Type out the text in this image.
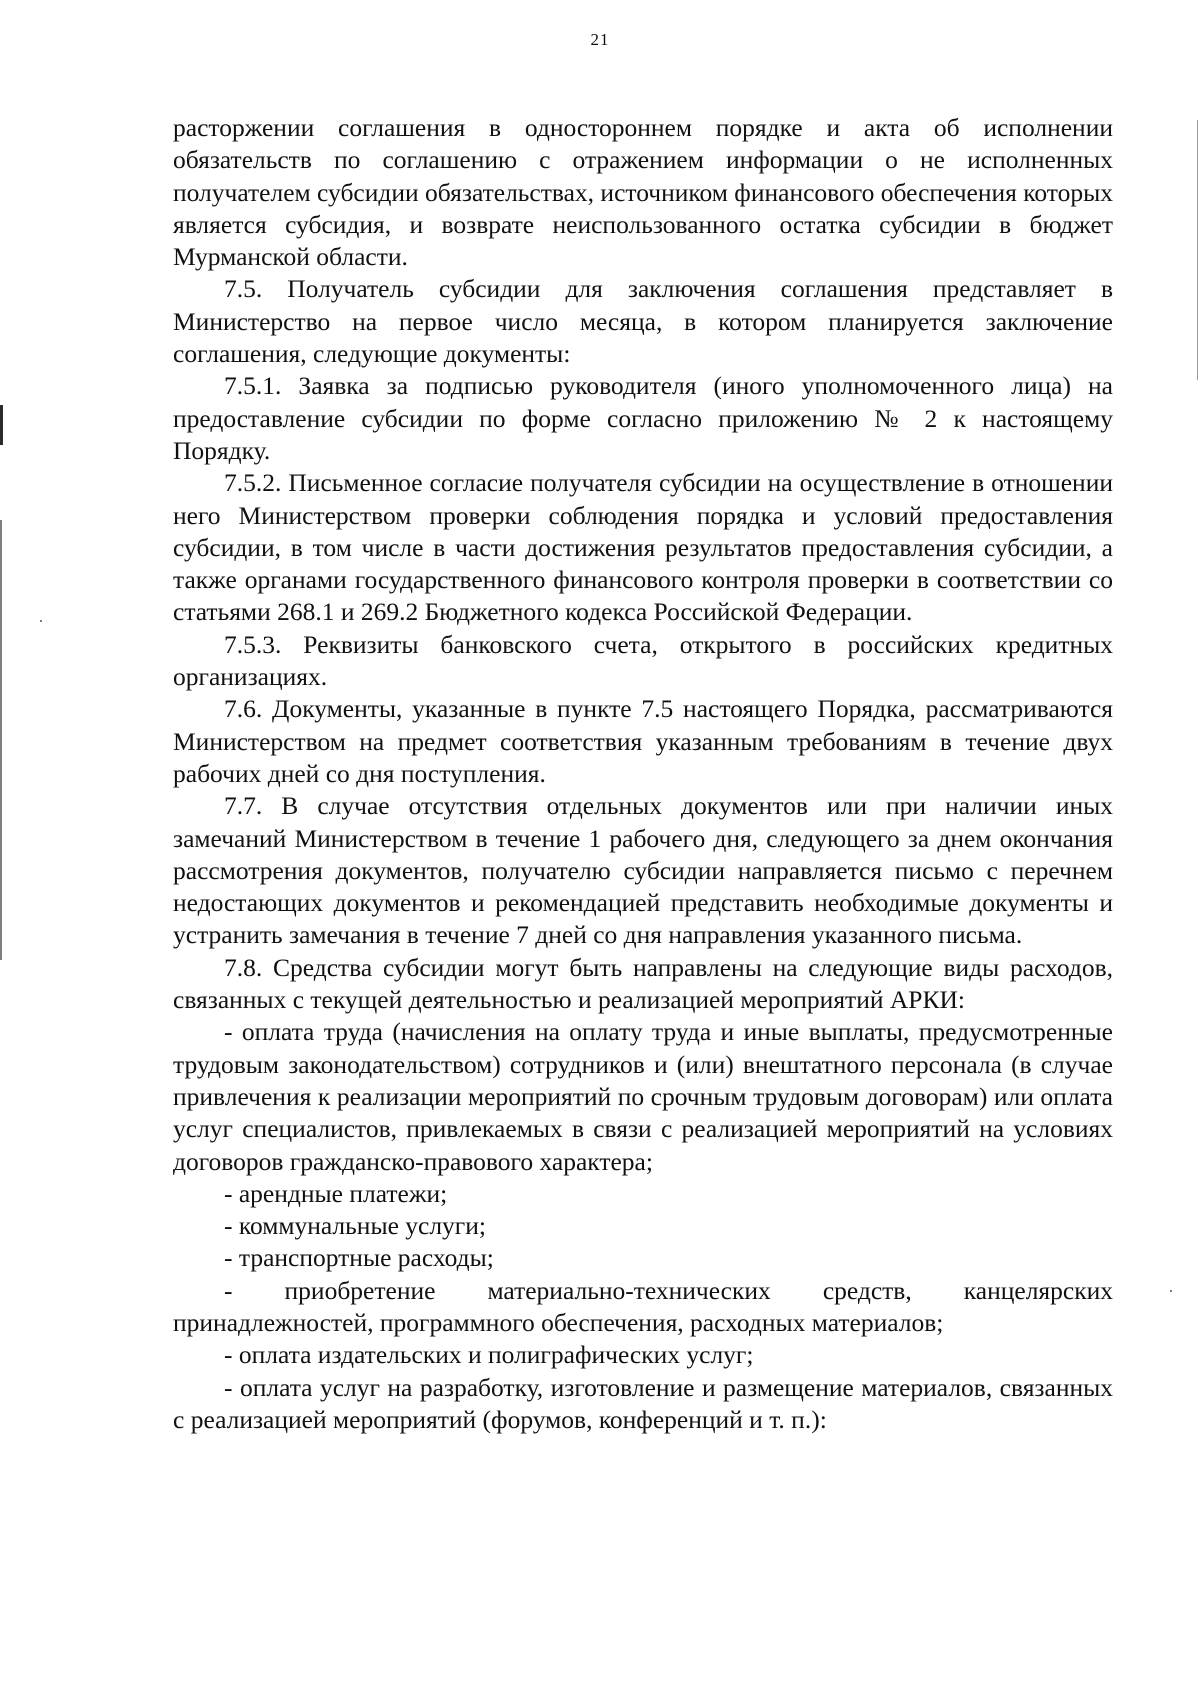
21

расторжении соглашения в одностороннем порядке и акта об исполнении обязательств по соглашению с отражением информации о не исполненных получателем субсидии обязательствах, источником финансового обеспечения которых является субсидия, и возврате неиспользованного остатка субсидии в бюджет Мурманской области.

7.5. Получатель субсидии для заключения соглашения представляет в Министерство на первое число месяца, в котором планируется заключение соглашения, следующие документы:

7.5.1. Заявка за подписью руководителя (иного уполномоченного лица) на предоставление субсидии по форме согласно приложению № 2 к настоящему Порядку.

7.5.2. Письменное согласие получателя субсидии на осуществление в отношении него Министерством проверки соблюдения порядка и условий предоставления субсидии, в том числе в части достижения результатов предоставления субсидии, а также органами государственного финансового контроля проверки в соответствии со статьями 268.1 и 269.2 Бюджетного кодекса Российской Федерации.

7.5.3. Реквизиты банковского счета, открытого в российских кредитных организациях.

7.6. Документы, указанные в пункте 7.5 настоящего Порядка, рассматриваются Министерством на предмет соответствия указанным требованиям в течение двух рабочих дней со дня поступления.

7.7. В случае отсутствия отдельных документов или при наличии иных замечаний Министерством в течение 1 рабочего дня, следующего за днем окончания рассмотрения документов, получателю субсидии направляется письмо с перечнем недостающих документов и рекомендацией представить необходимые документы и устранить замечания в течение 7 дней со дня направления указанного письма.

7.8. Средства субсидии могут быть направлены на следующие виды расходов, связанных с текущей деятельностью и реализацией мероприятий АРКИ:

- оплата труда (начисления на оплату труда и иные выплаты, предусмотренные трудовым законодательством) сотрудников и (или) внештатного персонала (в случае привлечения к реализации мероприятий по срочным трудовым договорам) или оплата услуг специалистов, привлекаемых в связи с реализацией мероприятий на условиях договоров гражданско-правового характера;

- арендные платежи;

- коммунальные услуги;

- транспортные расходы;

- приобретение материально-технических средств, канцелярских принадлежностей, программного обеспечения, расходных материалов;

- оплата издательских и полиграфических услуг;

- оплата услуг на разработку, изготовление и размещение материалов, связанных с реализацией мероприятий (форумов, конференций и т. п.):
